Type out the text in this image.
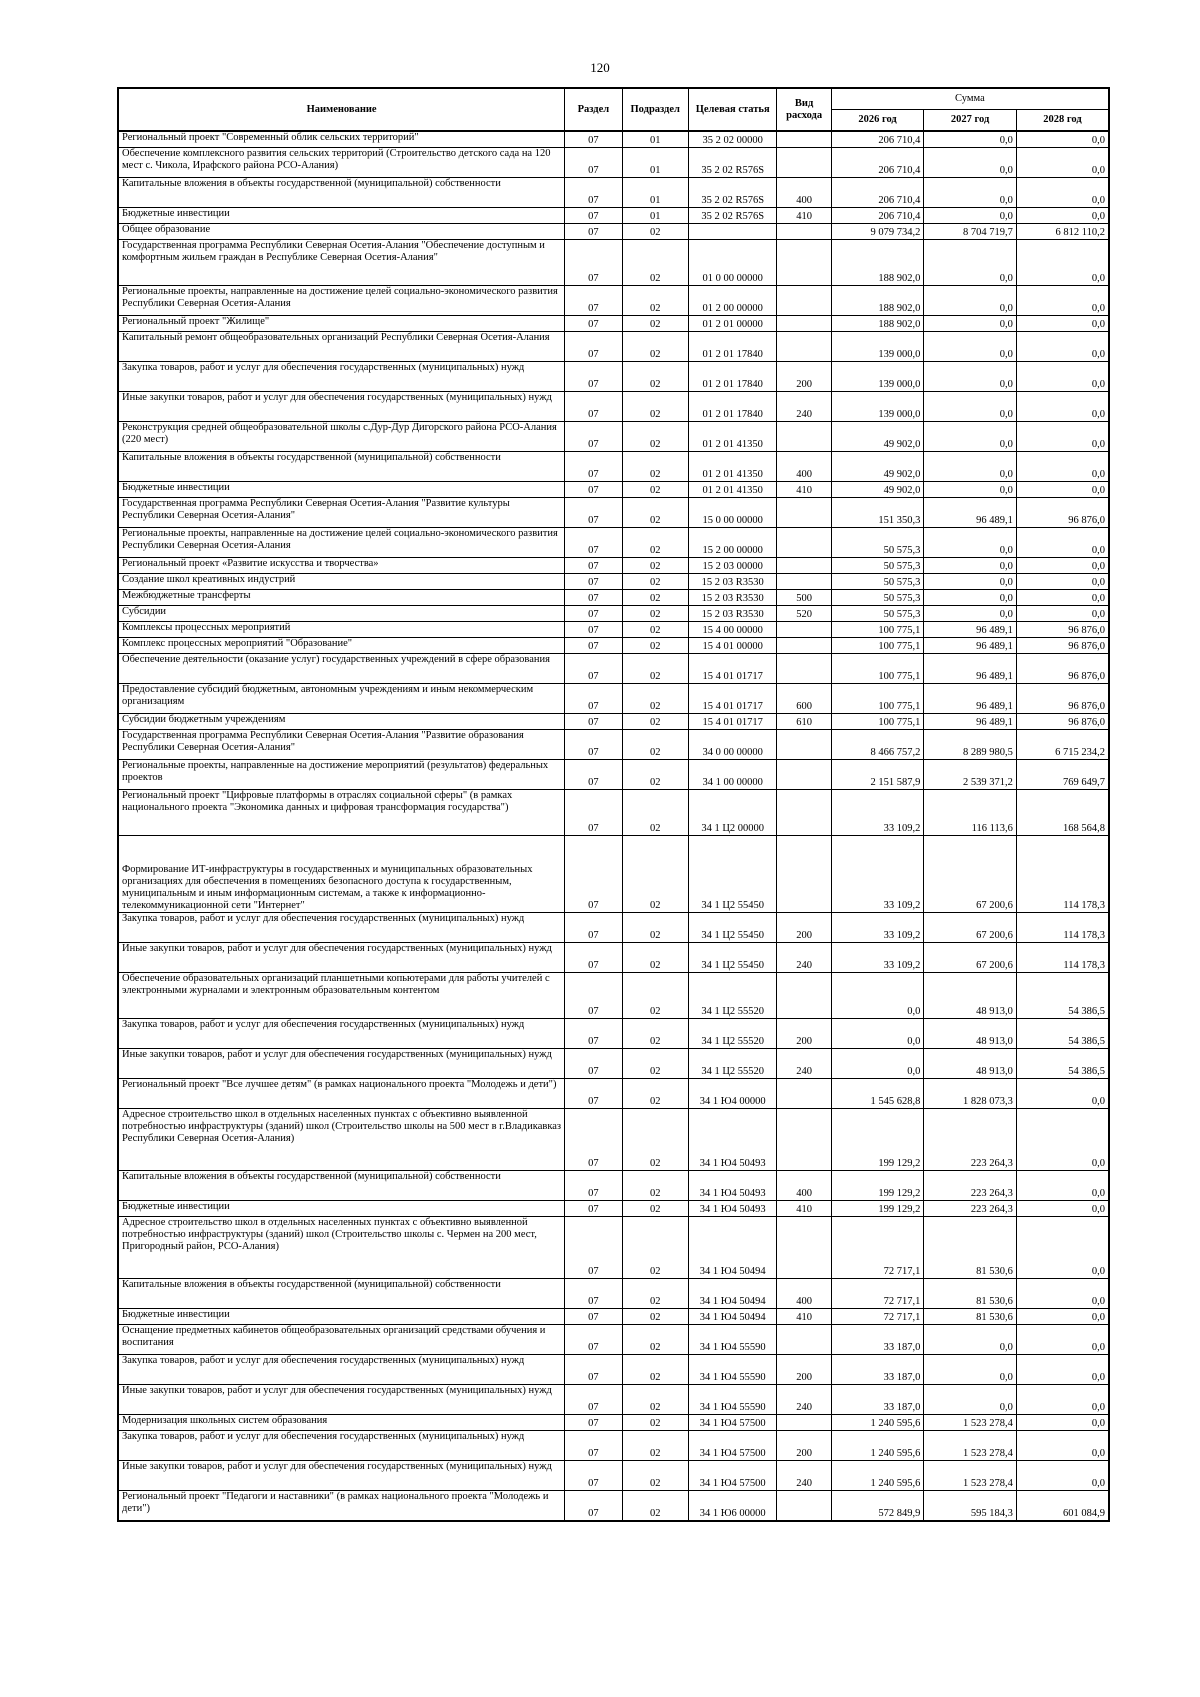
120
Наименование	Раздел	Подраздел	Целевая статья	Вид расхода	Сумма		
					2026 год	2027 год	2028 год
Региональный проект "Современный облик сельских территорий"	07	01	35 2 02 00000		206 710,4	0,0	0,0
Обеспечение комплексного развития сельских территорий (Строительство детского сада на 120 мест с. Чикола, Ирафского района РСО-Алания)	07	01	35 2 02 R576S		206 710,4	0,0	0,0
Капитальные вложения в объекты государственной (муниципальной) собственности	07	01	35 2 02 R576S	400	206 710,4	0,0	0,0
Бюджетные инвестиции	07	01	35 2 02 R576S	410	206 710,4	0,0	0,0
Общее образование	07	02			9 079 734,2	8 704 719,7	6 812 110,2
Государственная программа Республики Северная Осетия-Алания "Обеспечение доступным и комфортным жильем граждан в Республике Северная Осетия-Алания"	07	02	01 0 00 00000		188 902,0	0,0	0,0
Региональные проекты, направленные на достижение целей социально-экономического развития Республики Северная Осетия-Алания	07	02	01 2 00 00000		188 902,0	0,0	0,0
Региональный проект "Жилище"	07	02	01 2 01 00000		188 902,0	0,0	0,0
Капитальный ремонт общеобразовательных организаций Республики Северная Осетия-Алания	07	02	01 2 01 17840		139 000,0	0,0	0,0
Закупка товаров, работ и услуг для обеспечения государственных (муниципальных) нужд	07	02	01 2 01 17840	200	139 000,0	0,0	0,0
Иные закупки товаров, работ и услуг для обеспечения государственных (муниципальных) нужд	07	02	01 2 01 17840	240	139 000,0	0,0	0,0
Реконструкция средней общеобразовательной школы с.Дур-Дур Дигорского района РСО-Алания (220 мест)	07	02	01 2 01 41350		49 902,0	0,0	0,0
Капитальные вложения в объекты государственной (муниципальной) собственности	07	02	01 2 01 41350	400	49 902,0	0,0	0,0
Бюджетные инвестиции	07	02	01 2 01 41350	410	49 902,0	0,0	0,0
Государственная программа Республики Северная Осетия-Алания "Развитие культуры Республики Северная Осетия-Алания"	07	02	15 0 00 00000		151 350,3	96 489,1	96 876,0
Региональные проекты, направленные на достижение целей социально-экономического развития Республики Северная Осетия-Алания	07	02	15 2 00 00000		50 575,3	0,0	0,0
Региональный проект «Развитие искусства и творчества»	07	02	15 2 03 00000		50 575,3	0,0	0,0
Создание школ креативных индустрий	07	02	15 2 03 R3530		50 575,3	0,0	0,0
Межбюджетные трансферты	07	02	15 2 03 R3530	500	50 575,3	0,0	0,0
Субсидии	07	02	15 2 03 R3530	520	50 575,3	0,0	0,0
Комплексы процессных мероприятий	07	02	15 4 00 00000		100 775,1	96 489,1	96 876,0
Комплекс процессных мероприятий "Образование"	07	02	15 4 01 00000		100 775,1	96 489,1	96 876,0
Обеспечение деятельности (оказание услуг) государственных учреждений в сфере образования	07	02	15 4 01 01717		100 775,1	96 489,1	96 876,0
Предоставление субсидий бюджетным, автономным учреждениям и иным некоммерческим организациям	07	02	15 4 01 01717	600	100 775,1	96 489,1	96 876,0
Субсидии бюджетным учреждениям	07	02	15 4 01 01717	610	100 775,1	96 489,1	96 876,0
Государственная программа Республики Северная Осетия-Алания "Развитие образования Республики Северная Осетия-Алания"	07	02	34 0 00 00000		8 466 757,2	8 289 980,5	6 715 234,2
Региональные проекты, направленные на достижение мероприятий (результатов) федеральных проектов	07	02	34 1 00 00000		2 151 587,9	2 539 371,2	769 649,7
Региональный проект "Цифровые платформы в отраслях социальной сферы" (в рамках национального проекта "Экономика данных и цифровая трансформация государства")	07	02	34 1 Ц2 00000		33 109,2	116 113,6	168 564,8
Формирование ИТ-инфраструктуры в государственных и муниципальных образовательных организациях для обеспечения в помещениях безопасного доступа к государственным, муниципальным и иным информационным системам, а также к информационно-телекоммуникационной сети "Интернет"	07	02	34 1 Ц2 55450		33 109,2	67 200,6	114 178,3
Закупка товаров, работ и услуг для обеспечения государственных (муниципальных) нужд	07	02	34 1 Ц2 55450	200	33 109,2	67 200,6	114 178,3
Иные закупки товаров, работ и услуг для обеспечения государственных (муниципальных) нужд	07	02	34 1 Ц2 55450	240	33 109,2	67 200,6	114 178,3
Обеспечение образовательных организаций планшетными копьютерами для работы учителей с электронными журналами и электронным образовательным контентом	07	02	34 1 Ц2 55520		0,0	48 913,0	54 386,5
Закупка товаров, работ и услуг для обеспечения государственных (муниципальных) нужд	07	02	34 1 Ц2 55520	200	0,0	48 913,0	54 386,5
Иные закупки товаров, работ и услуг для обеспечения государственных (муниципальных) нужд	07	02	34 1 Ц2 55520	240	0,0	48 913,0	54 386,5
Региональный проект "Все лучшее детям" (в рамках национального проекта "Молодежь и дети")	07	02	34 1 Ю4 00000		1 545 628,8	1 828 073,3	0,0
Адресное строительство школ в отдельных населенных пунктах с объективно выявленной потребностью инфраструктуры (зданий) школ (Строительство школы на 500 мест в г.Владикавказ Республики Северная Осетия-Алания)	07	02	34 1 Ю4 50493		199 129,2	223 264,3	0,0
Капитальные вложения в объекты государственной (муниципальной) собственности	07	02	34 1 Ю4 50493	400	199 129,2	223 264,3	0,0
Бюджетные инвестиции	07	02	34 1 Ю4 50493	410	199 129,2	223 264,3	0,0
Адресное строительство школ в отдельных населенных пунктах с объективно выявленной потребностью инфраструктуры (зданий) школ (Строительство школы с. Чермен на 200 мест, Пригородный район, РСО-Алания)	07	02	34 1 Ю4 50494		72 717,1	81 530,6	0,0
Капитальные вложения в объекты государственной (муниципальной) собственности	07	02	34 1 Ю4 50494	400	72 717,1	81 530,6	0,0
Бюджетные инвестиции	07	02	34 1 Ю4 50494	410	72 717,1	81 530,6	0,0
Оснащение предметных кабинетов общеобразовательных организаций средствами обучения и воспитания	07	02	34 1 Ю4 55590		33 187,0	0,0	0,0
Закупка товаров, работ и услуг для обеспечения государственных (муниципальных) нужд	07	02	34 1 Ю4 55590	200	33 187,0	0,0	0,0
Иные закупки товаров, работ и услуг для обеспечения государственных (муниципальных) нужд	07	02	34 1 Ю4 55590	240	33 187,0	0,0	0,0
Модернизация школьных систем образования	07	02	34 1 Ю4 57500		1 240 595,6	1 523 278,4	0,0
Закупка товаров, работ и услуг для обеспечения государственных (муниципальных) нужд	07	02	34 1 Ю4 57500	200	1 240 595,6	1 523 278,4	0,0
Иные закупки товаров, работ и услуг для обеспечения государственных (муниципальных) нужд	07	02	34 1 Ю4 57500	240	1 240 595,6	1 523 278,4	0,0
Региональный проект "Педагоги и наставники" (в рамках национального проекта "Молодежь и дети")	07	02	34 1 Ю6 00000		572 849,9	595 184,3	601 084,9
